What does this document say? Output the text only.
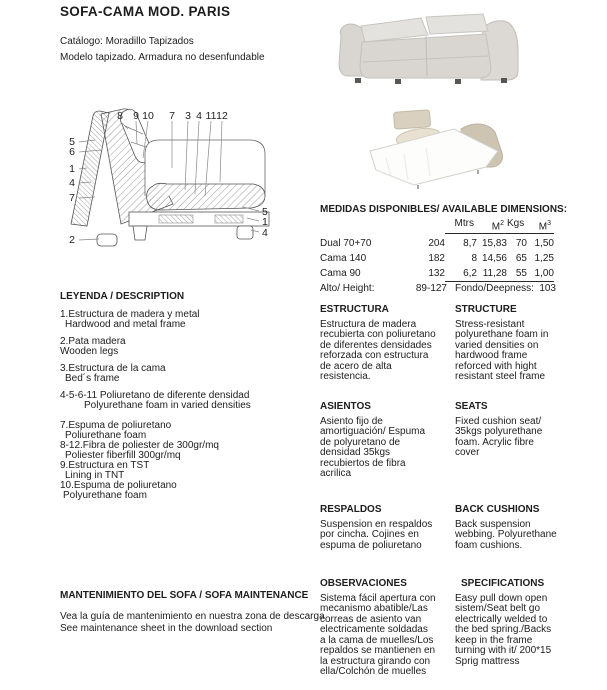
SOFA-CAMA MOD. PARIS
Catálogo: Moradillo Tapizados
Modelo tapizado. Armadura no desenfundable
8 9 10 7 3 4 11 12
5
6
1
4
7
2
5
1
4
MEDIDAS DISPONIBLES/ AVAILABLE DIMENSIONS:
Mtrs	$M^2$ Kgs	$M^3$
Dual 70+70	204	8,7 15,83 70 1,50
Cama 140	182	8 14,56 65 1,25
Cama 90	132	6,2 11,28 55 1,00
Alto/ Height:	89-127 Fondo/Deepness: 103
LEYENDA / DESCRIPTION
1.Estructura de madera y metal
Hardwood and metal frame
2.Pata madera
Wooden legs
3.Estructura de la cama
Bed´s frame
4-5-6-11 Poliuretano de diferente densidad
Polyurethane foam in varied densities
7.Espuma de poliuretano
Poliurethane foam
8-12.Fibra de poliester de 300gr/mq
Poliester fiberfill 300gr/mq
9.Estructura en TST
Lining in TNT
10.Espuma de poliuretano
Polyurethane foam
ESTRUCTURA
Estructura de madera recubierta con poliuretano de diferentes densidades reforzada con estructura de acero de alta resistencia.
STRUCTURE
Stress-resistant polyurethane foam in varied densities on hardwood frame reforced with hight resistant steel frame
ASIENTOS
Asiento fijo de amortiguación/ Espuma de polyuretano de densidad 35kgs recubiertos de fibra acrilica
SEATS
Fixed cushion seat/ 35kgs polyurethane foam. Acrylic fibre cover
RESPALDOS
Suspension en respaldos por cincha. Cojines en espuma de poliuretano
BACK CUSHIONS
Back suspension webbing. Polyurethane foam cushions.
OBSERVACIONES
Sistema fácil apertura con mecanismo abatible/Las correas de asiento van electricamente soldadas a la cama de muelles/Los repaldos se mantienen en la estructura girando con ella/Colchón de muelles
SPECIFICATIONS
Easy pull down open sistem/Seat belt go electrically welded to the bed spring./Backs keep in the frame turning with it/ 200*15 Sprig mattress
MANTENIMIENTO DEL SOFA / SOFA MAINTENANCE
Vea la guía de mantenimiento en nuestra zona de descarga
See maintenance sheet in the download section
